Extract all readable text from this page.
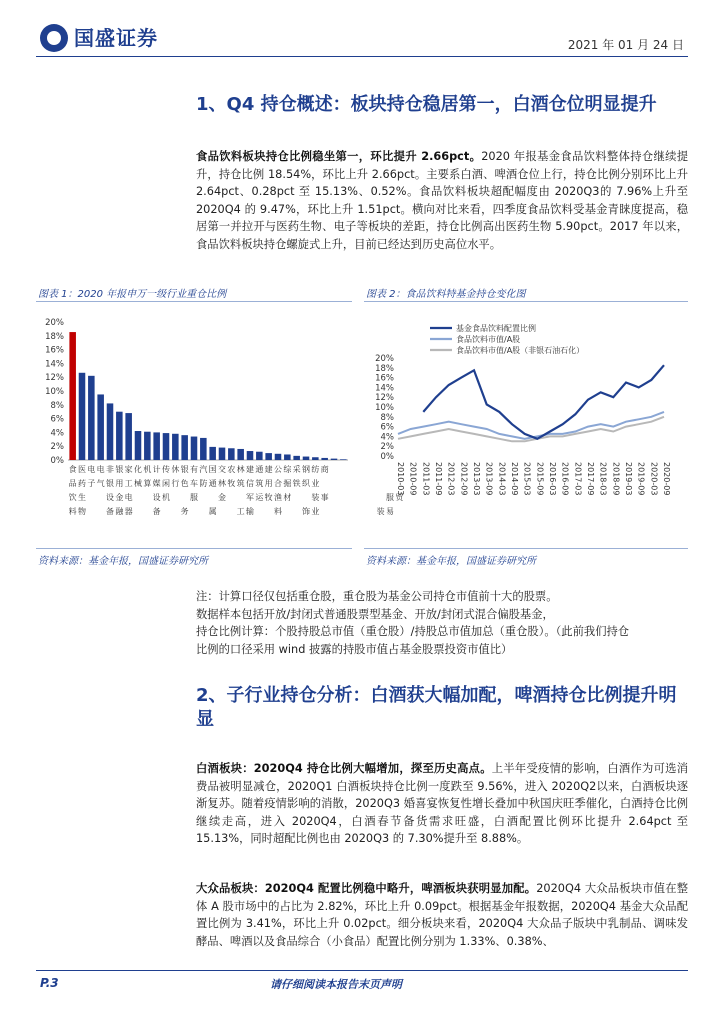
国盛证券	2021 年 01 月 24 日
1、Q4 持仓概述：板块持仓稳居第一，白酒仓位明显提升
食品饮料板块持仓比例稳坐第一，环比提升 2.66pct。2020 年报基金食品饮料整体持仓继续提升，持仓比例 18.54%，环比上升 2.66pct。主要系白酒、啤酒仓位上行，持仓比例分别环比上升 2.64pct、0.28pct 至 15.13%、0.52%。食品饮料板块超配幅度由 2020Q3的 7.96%上升至 2020Q4 的 9.47%，环比上升 1.51pct。横向对比来看，四季度食品饮料受基金青睐度提高，稳居第一并拉开与医药生物、电子等板块的差距，持仓比例高出医药生物 5.90pct。2017 年以来，食品饮料板块持仓螺旋式上升，目前已经达到历史高位水平。
图表 1：2020 年报申万一级行业重仓比例	图表 2：食品饮料特基金持仓变化图
0%
2%
4%
6%
8%
10%
12%
14%
16%
18%
20%
食 医 电 电 非 银 家 化 机 计 传 休 银 有 汽 国 交 农 林 建 通 建 公 综 采 钢 纺 商
品 药 子 气 银 用 工 械 算 媒 闲 行 色 车 防 通 林 牧 筑 信 筑 用 合 掘 铁 织 业
饮 生	设 金 电	设 机	服	金	军 运 牧 渔 材	装 事	服 贸
料 物	备 融 器	备	务	属	工 输	料	饰 业	装 易
基金食品饮料配置比例
食品饮料市值/A股
食品饮料市值/A股（非银石油石化）
0%
2%
4%
6%
8%
10%
12%
14%
16%
18%
20%
2010-03 2010-09 2011-03 2011-09 2012-03 2012-09 2013-03 2013-09 2014-03 2014-09 2015-03 2015-09 2016-03 2016-09 2017-03 2017-09 2018-03 2018-09 2019-03 2019-09 2020-03 2020-09
资料来源：基金年报，国盛证券研究所	资料来源：基金年报，国盛证券研究所
注：计算口径仅包括重仓股，重仓股为基金公司持仓市值前十大的股票。
数据样本包括开放/封闭式普通股票型基金、开放/封闭式混合偏股基金，
持仓比例计算：个股持股总市值（重仓股）/持股总市值加总（重仓股）。（此前我们持仓
比例的口径采用 wind 披露的持股市值占基金股票投资市值比）
2、子行业持仓分析：白酒获大幅加配，啤酒持仓比例提升明
显
白酒板块：2020Q4 持仓比例大幅增加，探至历史高点。上半年受疫情的影响，白酒作为可选消费品被明显减仓，2020Q1 白酒板块持仓比例一度跌至 9.56%，进入 2020Q2以来，白酒板块逐渐复苏。随着疫情影响的消散，2020Q3 婚喜宴恢复性增长叠加中秋国庆旺季催化，白酒持仓比例继续走高，进入 2020Q4，白酒春节备货需求旺盛，白酒配置比例环比提升 2.64pct 至 15.13%，同时超配比例也由 2020Q3 的 7.30%提升至 8.88%。
大众品板块：2020Q4 配置比例稳中略升，啤酒板块获明显加配。2020Q4 大众品板块市值在整体 A 股市场中的占比为 2.82%，环比上升 0.09pct。根据基金年报数据，2020Q4 基金大众品配置比例为 3.41%，环比上升 0.02pct。细分板块来看，2020Q4 大众品子版块中乳制品、调味发酵品、啤酒以及食品综合（小食品）配置比例分别为 1.33%、0.38%、
P.3	请仔细阅读本报告末页声明
